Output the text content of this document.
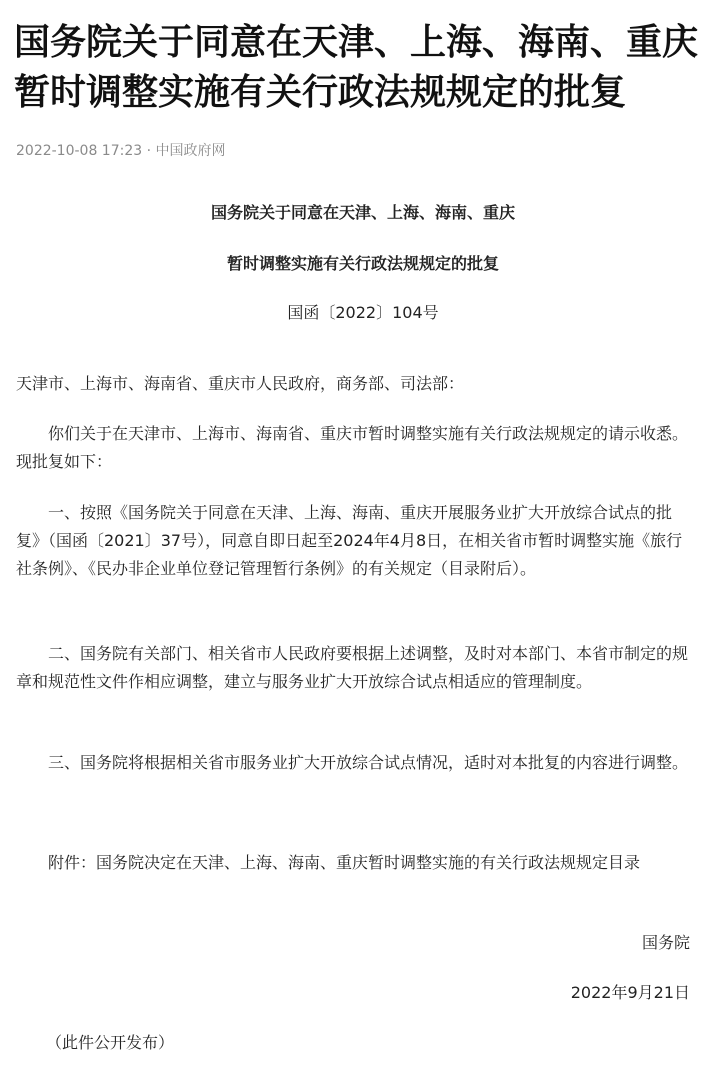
国务院关于同意在天津、上海、海南、重庆暂时调整实施有关行政法规规定的批复
2022-10-08 17:23 · 中国政府网
国务院关于同意在天津、上海、海南、重庆
暂时调整实施有关行政法规规定的批复
国函〔2022〕104号
天津市、上海市、海南省、重庆市人民政府，商务部、司法部：

你们关于在天津市、上海市、海南省、重庆市暂时调整实施有关行政法规规定的请示收悉。现批复如下：

一、按照《国务院关于同意在天津、上海、海南、重庆开展服务业扩大开放综合试点的批复》（国函〔2021〕37号），同意自即日起至2024年4月8日，在相关省市暂时调整实施《旅行社条例》、《民办非企业单位登记管理暂行条例》的有关规定（目录附后）。

二、国务院有关部门、相关省市人民政府要根据上述调整，及时对本部门、本省市制定的规章和规范性文件作相应调整，建立与服务业扩大开放综合试点相适应的管理制度。

三、国务院将根据相关省市服务业扩大开放综合试点情况，适时对本批复的内容进行调整。

附件：国务院决定在天津、上海、海南、重庆暂时调整实施的有关行政法规规定目录

国务院
2022年9月21日
（此件公开发布）
